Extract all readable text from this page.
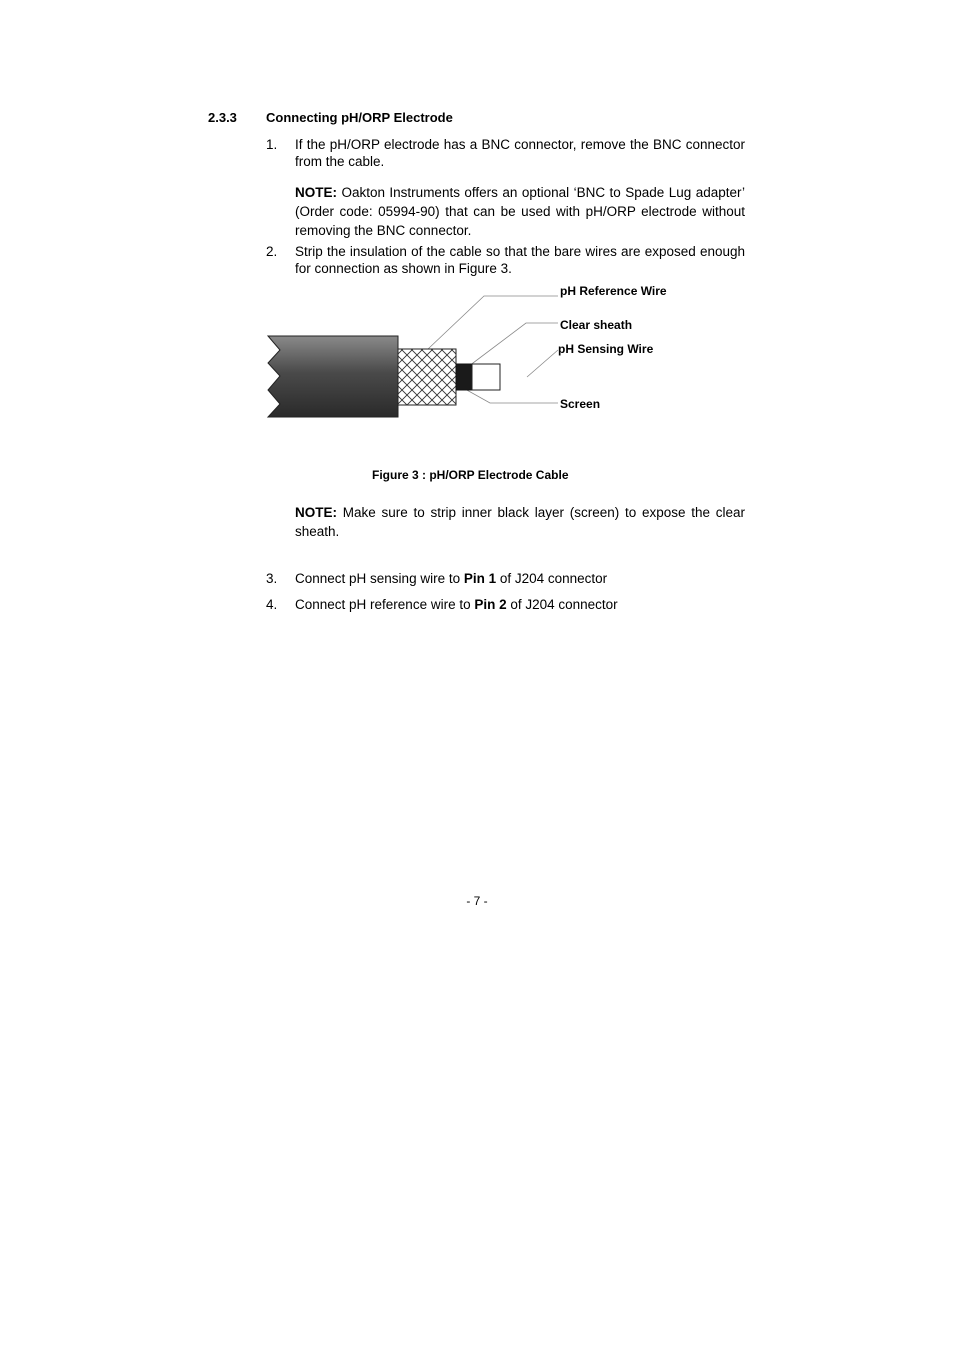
2.3.3 Connecting pH/ORP Electrode
1. If the pH/ORP electrode has a BNC connector, remove the BNC connector from the cable.
NOTE: Oakton Instruments offers an optional ‘BNC to Spade Lug adapter’ (Order code: 05994-90) that can be used with pH/ORP electrode without removing the BNC connector.
2. Strip the insulation of the cable so that the bare wires are exposed enough for connection as shown in Figure 3.
pH Reference Wire
Clear sheath
pH Sensing Wire
Screen
Figure 3 : pH/ORP Electrode Cable
NOTE: Make sure to strip inner black layer (screen) to expose the clear sheath.
3. Connect pH sensing wire to Pin 1 of J204 connector
4. Connect pH reference wire to Pin 2 of J204 connector
- 7 -
